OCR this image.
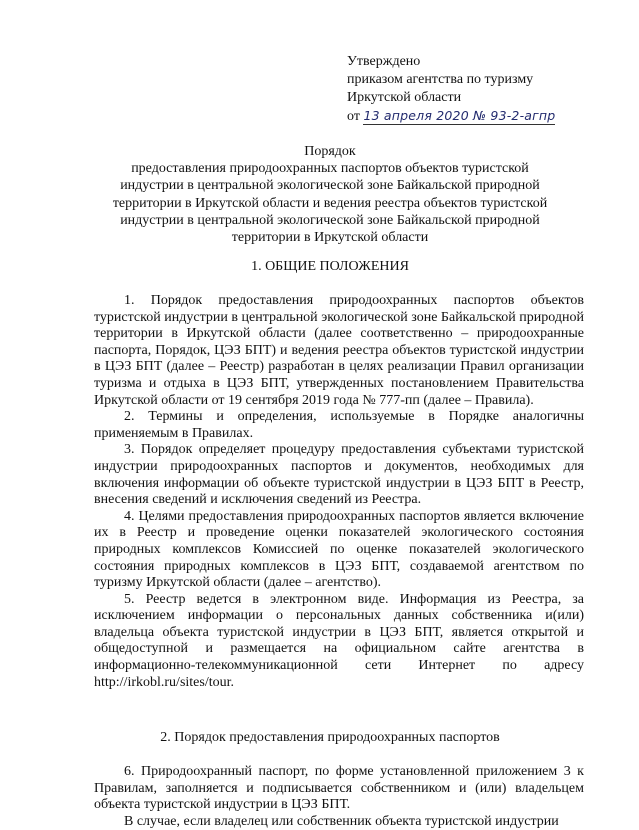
Утверждено
приказом агентства по туризму
Иркутской области
от 13 апреля 2020 № 93-2-агпр
Порядок
предоставления природоохранных паспортов объектов туристской индустрии в центральной экологической зоне Байкальской природной территории в Иркутской области и ведения реестра объектов туристской индустрии в центральной экологической зоне Байкальской природной территории в Иркутской области
1. ОБЩИЕ ПОЛОЖЕНИЯ

1. Порядок предоставления природоохранных паспортов объектов туристской индустрии в центральной экологической зоне Байкальской природной территории в Иркутской области (далее соответственно – природоохранные паспорта, Порядок, ЦЭЗ БПТ) и ведения реестра объектов туристской индустрии в ЦЭЗ БПТ (далее – Реестр) разработан в целях реализации Правил организации туризма и отдыха в ЦЭЗ БПТ, утвержденных постановлением Правительства Иркутской области от 19 сентября 2019 года № 777-пп (далее – Правила).

2. Термины и определения, используемые в Порядке аналогичны применяемым в Правилах.

3. Порядок определяет процедуру предоставления субъектами туристской индустрии природоохранных паспортов и документов, необходимых для включения информации об объекте туристской индустрии в ЦЭЗ БПТ в Реестр, внесения сведений и исключения сведений из Реестра.

4. Целями предоставления природоохранных паспортов является включение их в Реестр и проведение оценки показателей экологического состояния природных комплексов Комиссией по оценке показателей экологического состояния природных комплексов в ЦЭЗ БПТ, создаваемой агентством по туризму Иркутской области (далее – агентство).

5. Реестр ведется в электронном виде. Информация из Реестра, за исключением информации о персональных данных собственника и(или) владельца объекта туристской индустрии в ЦЭЗ БПТ, является открытой и общедоступной и размещается на официальном сайте агентства в информационно-телекоммуникационной сети Интернет по адресу http://irkobl.ru/sites/tour.

2. Порядок предоставления природоохранных паспортов

6. Природоохранный паспорт, по форме установленной приложением 3 к Правилам, заполняется и подписывается собственником и (или) владельцем объекта туристской индустрии в ЦЭЗ БПТ.

В случае, если владелец или собственник объекта туристской индустрии
